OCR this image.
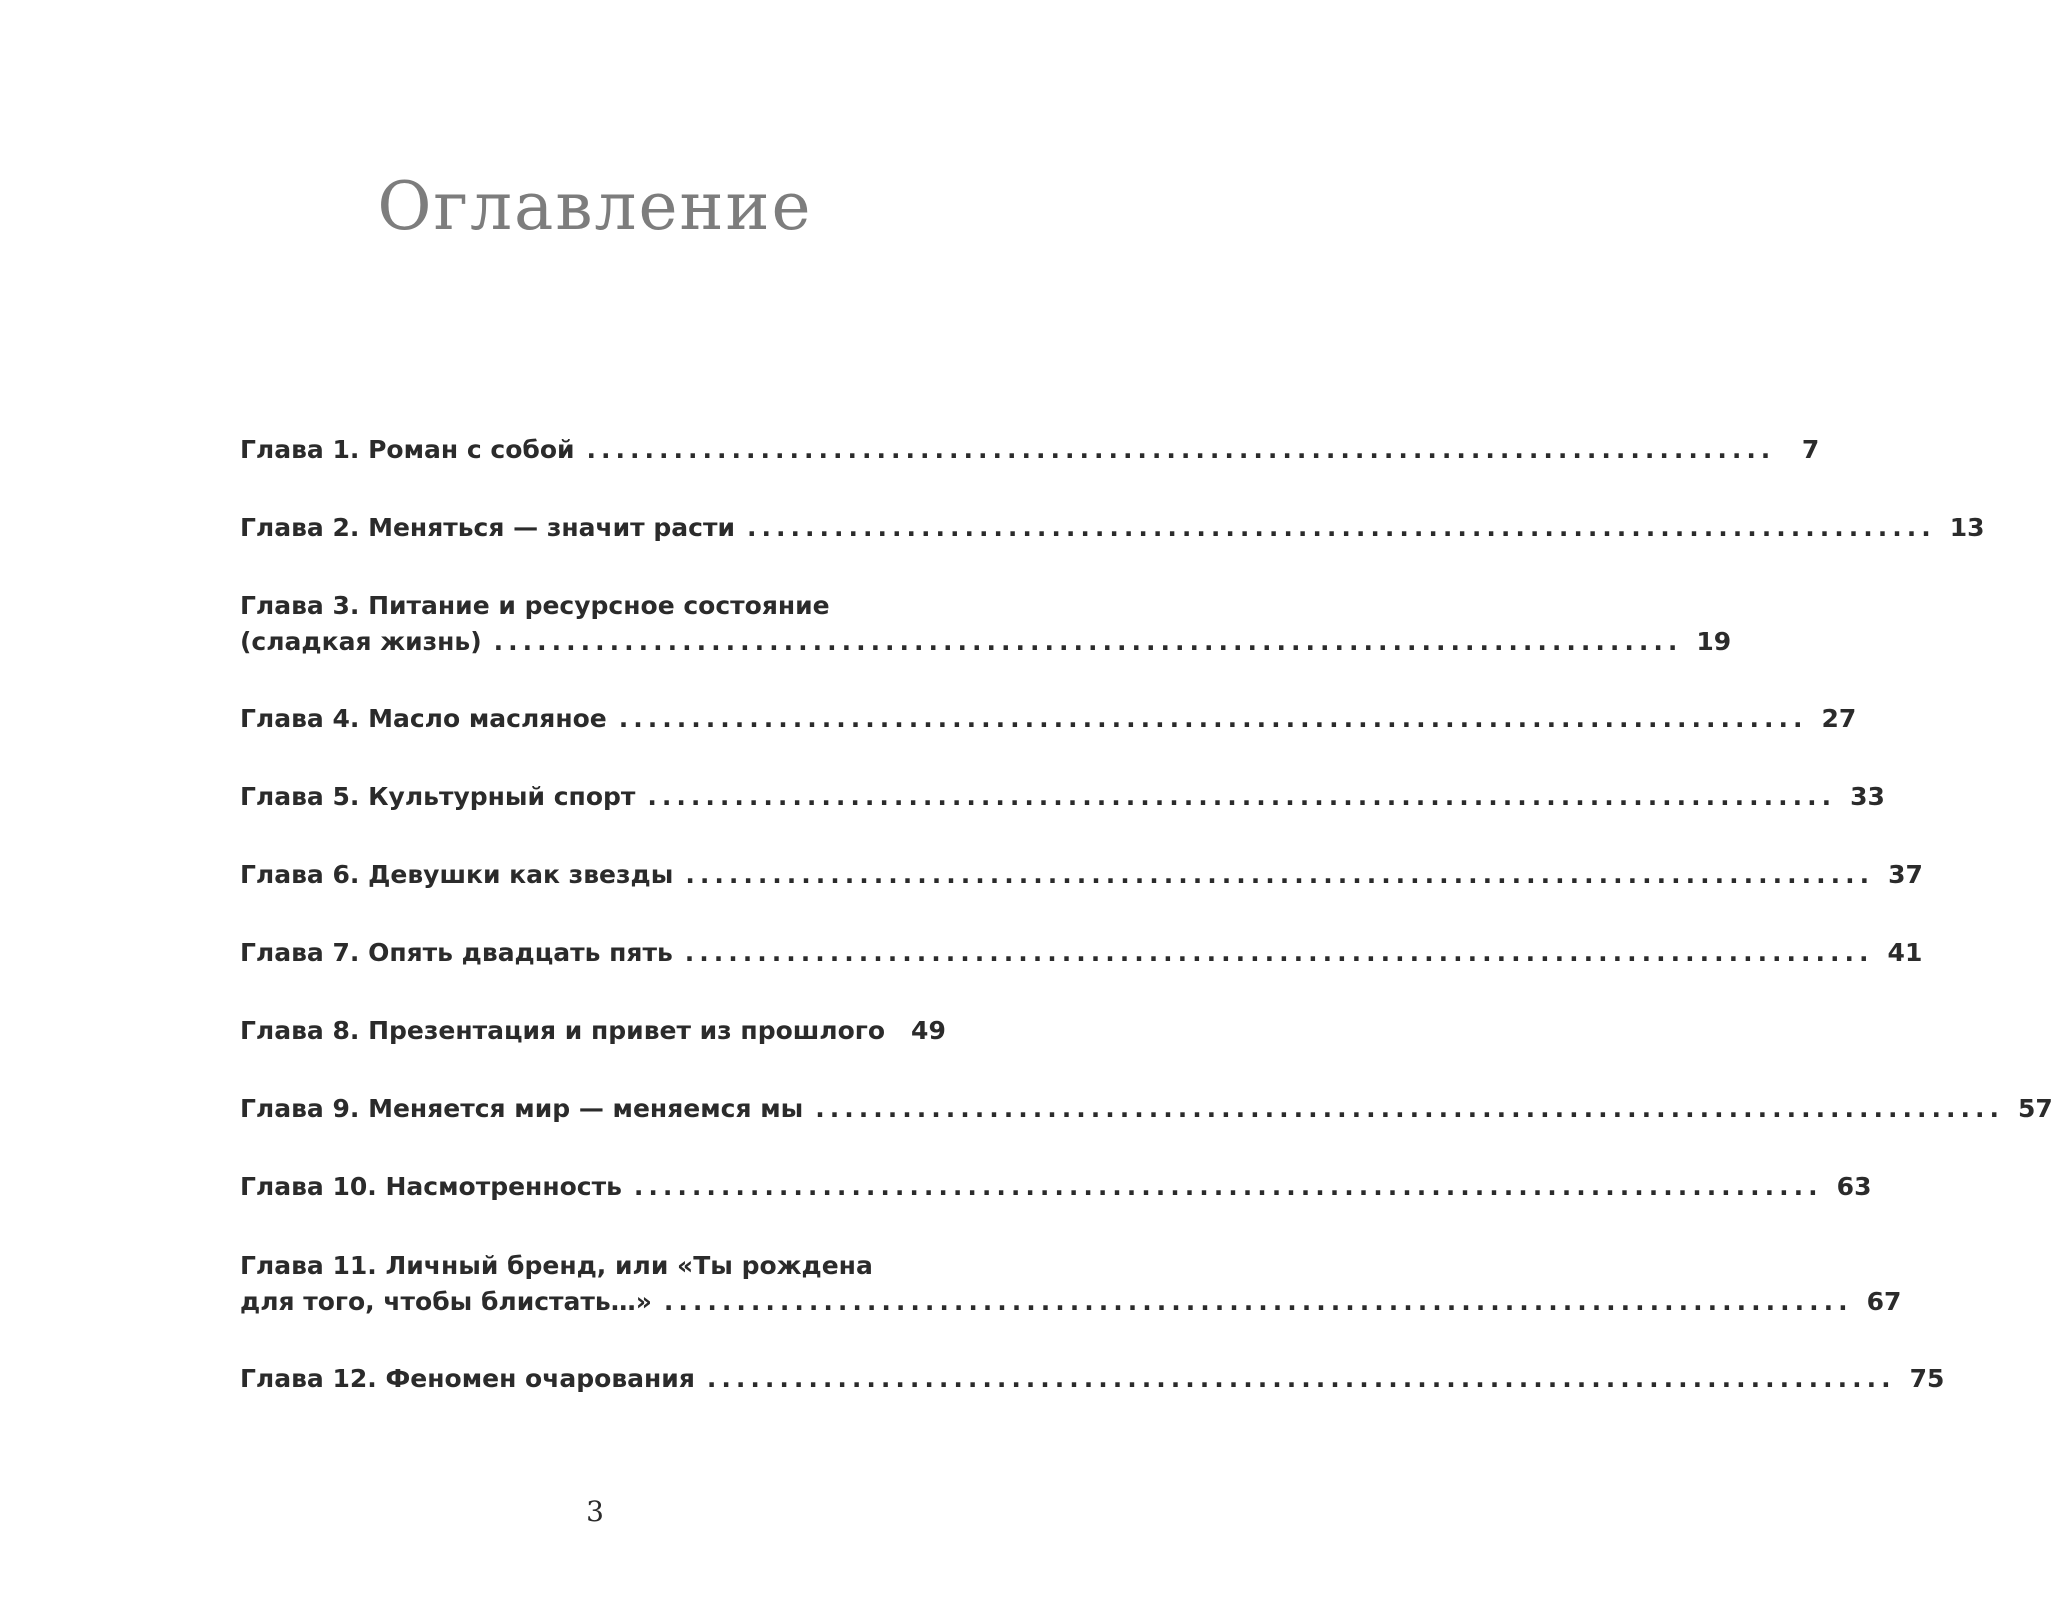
Оглавление
Глава 1. Роман с собой ..................................................................................	7
Глава 2. Меняться — значит расти .................................................................................. 13
Глава 3. Питание и ресурсное состояние
(сладкая жизнь) .................................................................................. 19
Глава 4. Масло масляное .................................................................................. 27
Глава 5. Культурный спорт .................................................................................. 33
Глава 6. Девушки как звезды .................................................................................. 37
Глава 7. Опять двадцать пять .................................................................................. 41
Глава 8. Презентация и привет из прошлого 49
Глава 9. Меняется мир — меняемся мы .................................................................................. 57
Глава 10. Насмотренность .................................................................................. 63
Глава 11. Личный бренд, или «Ты рождена
для того, чтобы блистать…» .................................................................................. 67
Глава 12. Феномен очарования .................................................................................. 75
3
